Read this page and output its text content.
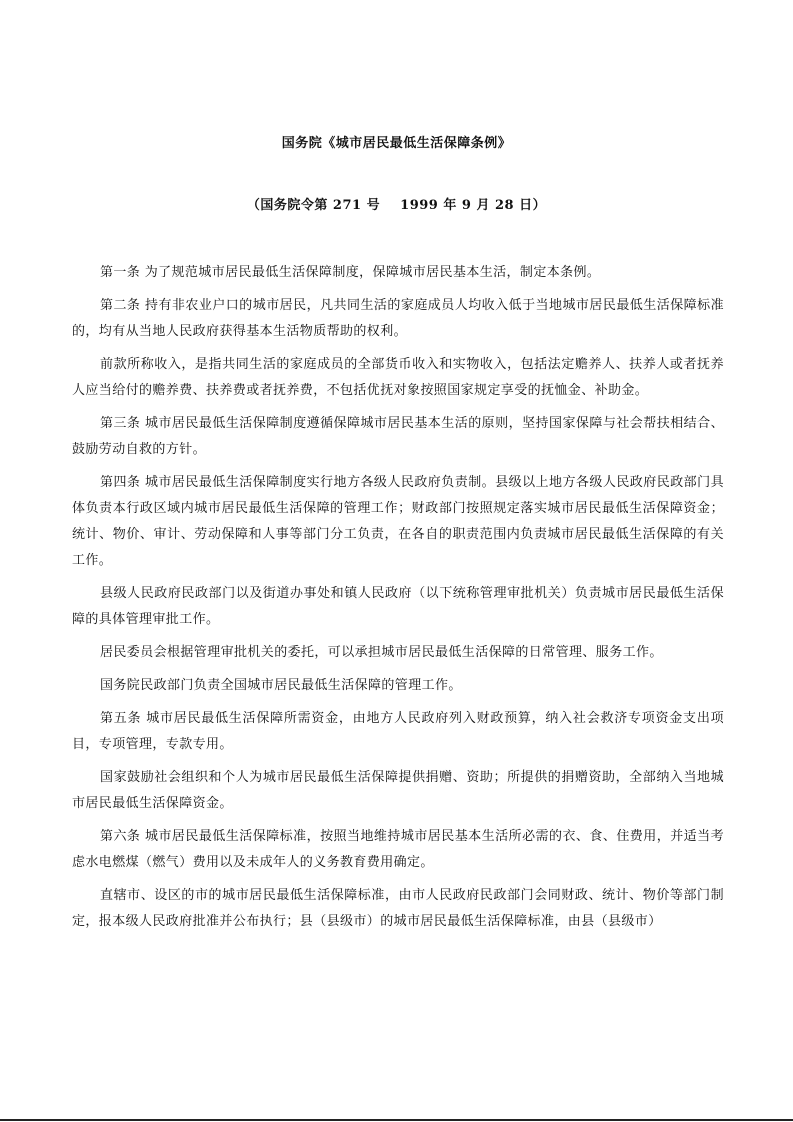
国务院《城市居民最低生活保障条例》
（国务院令第 271 号    1999 年 9 月 28 日）

第一条 为了规范城市居民最低生活保障制度，保障城市居民基本生活，制定本条例。

第二条 持有非农业户口的城市居民，凡共同生活的家庭成员人均收入低于当地城市居民最低生活保障标准的，均有从当地人民政府获得基本生活物质帮助的权利。

前款所称收入，是指共同生活的家庭成员的全部货币收入和实物收入，包括法定赡养人、扶养人或者抚养人应当给付的赡养费、扶养费或者抚养费，不包括优抚对象按照国家规定享受的抚恤金、补助金。

第三条 城市居民最低生活保障制度遵循保障城市居民基本生活的原则，坚持国家保障与社会帮扶相结合、鼓励劳动自救的方针。

第四条 城市居民最低生活保障制度实行地方各级人民政府负责制。县级以上地方各级人民政府民政部门具体负责本行政区域内城市居民最低生活保障的管理工作；财政部门按照规定落实城市居民最低生活保障资金；统计、物价、审计、劳动保障和人事等部门分工负责，在各自的职责范围内负责城市居民最低生活保障的有关工作。

县级人民政府民政部门以及街道办事处和镇人民政府（以下统称管理审批机关）负责城市居民最低生活保障的具体管理审批工作。

居民委员会根据管理审批机关的委托，可以承担城市居民最低生活保障的日常管理、服务工作。

国务院民政部门负责全国城市居民最低生活保障的管理工作。

第五条 城市居民最低生活保障所需资金，由地方人民政府列入财政预算，纳入社会救济专项资金支出项目，专项管理，专款专用。

国家鼓励社会组织和个人为城市居民最低生活保障提供捐赠、资助；所提供的捐赠资助，全部纳入当地城市居民最低生活保障资金。

第六条 城市居民最低生活保障标准，按照当地维持城市居民基本生活所必需的衣、食、住费用，并适当考虑水电燃煤（燃气）费用以及未成年人的义务教育费用确定。

直辖市、设区的市的城市居民最低生活保障标准，由市人民政府民政部门会同财政、统计、物价等部门制定，报本级人民政府批准并公布执行；县（县级市）的城市居民最低生活保障标准，由县（县级市）
